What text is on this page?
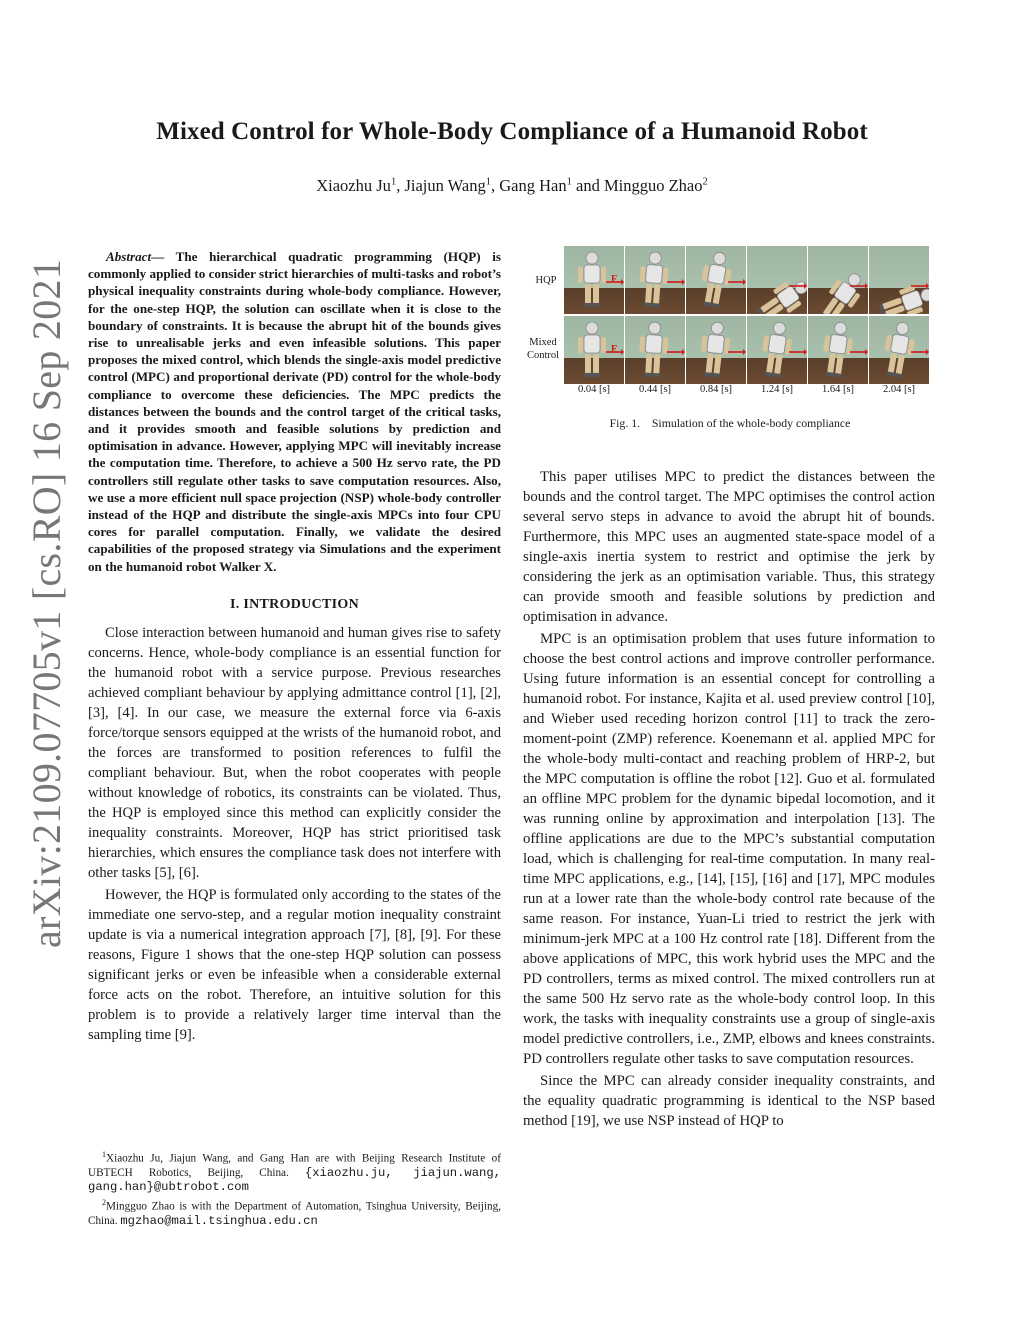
arXiv:2109.07705v1 [cs.RO] 16 Sep 2021
Mixed Control for Whole-Body Compliance of a Humanoid Robot
Xiaozhu Ju$^1$, Jiajun Wang$^1$, Gang Han$^1$ and Mingguo Zhao$^2$

Abstract— The hierarchical quadratic programming (HQP) is commonly applied to consider strict hierarchies of multi-tasks and robot’s physical inequality constraints during whole-body compliance. However, for the one-step HQP, the solution can oscillate when it is close to the boundary of constraints. It is because the abrupt hit of the bounds gives rise to unrealisable jerks and even infeasible solutions. This paper proposes the mixed control, which blends the single-axis model predictive control (MPC) and proportional derivate (PD) control for the whole-body compliance to overcome these deficiencies. The MPC predicts the distances between the bounds and the control target of the critical tasks, and it provides smooth and feasible solutions by prediction and optimisation in advance. However, applying MPC will inevitably increase the computation time. Therefore, to achieve a 500 Hz servo rate, the PD controllers still regulate other tasks to save computation resources. Also, we use a more efficient null space projection (NSP) whole-body controller instead of the HQP and distribute the single-axis MPCs into four CPU cores for parallel computation. Finally, we validate the desired capabilities of the proposed strategy via Simulations and the experiment on the humanoid robot Walker X.

I. INTRODUCTION

Close interaction between humanoid and human gives rise to safety concerns. Hence, whole-body compliance is an essential function for the humanoid robot with a service purpose. Previous researches achieved compliant behaviour by applying admittance control [1], [2], [3], [4]. In our case, we measure the external force via 6-axis force/torque sensors equipped at the wrists of the humanoid robot, and the forces are transformed to position references to fulfil the compliant behaviour. But, when the robot cooperates with people without knowledge of robotics, its constraints can be violated. Thus, the HQP is employed since this method can explicitly consider the inequality constraints. Moreover, HQP has strict prioritised task hierarchies, which ensures the compliance task does not interfere with other tasks [5], [6].

However, the HQP is formulated only according to the states of the immediate one servo-step, and a regular motion inequality constraint update is via a numerical integration approach [7], [8], [9]. For these reasons, Figure 1 shows that the one-step HQP solution can possess significant jerks or even be infeasible when a considerable external force acts on the robot. Therefore, an intuitive solution for this problem is to provide a relatively larger time interval than the sampling time [9].

$^1$Xiaozhu Ju, Jiajun Wang, and Gang Han are with Beijing Research Institute of UBTECH Robotics, Beijing, China. {xiaozhu.ju, jiajun.wang, gang.han}@ubtrobot.com

$^2$Mingguo Zhao is with the Department of Automation, Tsinghua University, Beijing, China. mgzhao@mail.tsinghua.edu.cn

HQP
Mixed
Control
F
F
0.04 [s]	0.44 [s]	0.84 [s]	1.24 [s]	1.64 [s]	2.04 [s]
Fig. 1. Simulation of the whole-body compliance

This paper utilises MPC to predict the distances between the bounds and the control target. The MPC optimises the control action several servo steps in advance to avoid the abrupt hit of bounds. Furthermore, this MPC uses an augmented state-space model of a single-axis inertia system to restrict and optimise the jerk by considering the jerk as an optimisation variable. Thus, this strategy can provide smooth and feasible solutions by prediction and optimisation in advance.

MPC is an optimisation problem that uses future information to choose the best control actions and improve controller performance. Using future information is an essential concept for controlling a humanoid robot. For instance, Kajita et al. used preview control [10], and Wieber used receding horizon control [11] to track the zero-moment-point (ZMP) reference. Koenemann et al. applied MPC for the whole-body multi-contact and reaching problem of HRP-2, but the MPC computation is offline the robot [12]. Guo et al. formulated an offline MPC problem for the dynamic bipedal locomotion, and it was running online by approximation and interpolation [13]. The offline applications are due to the MPC’s substantial computation load, which is challenging for real-time computation. In many real-time MPC applications, e.g., [14], [15], [16] and [17], MPC modules run at a lower rate than the whole-body control rate because of the same reason. For instance, Yuan-Li tried to restrict the jerk with minimum-jerk MPC at a 100 Hz control rate [18]. Different from the above applications of MPC, this work hybrid uses the MPC and the PD controllers, terms as mixed control. The mixed controllers run at the same 500 Hz servo rate as the whole-body control loop. In this work, the tasks with inequality constraints use a group of single-axis model predictive controllers, i.e., ZMP, elbows and knees constraints. PD controllers regulate other tasks to save computation resources.

Since the MPC can already consider inequality constraints, and the equality quadratic programming is identical to the NSP based method [19], we use NSP instead of HQP to
